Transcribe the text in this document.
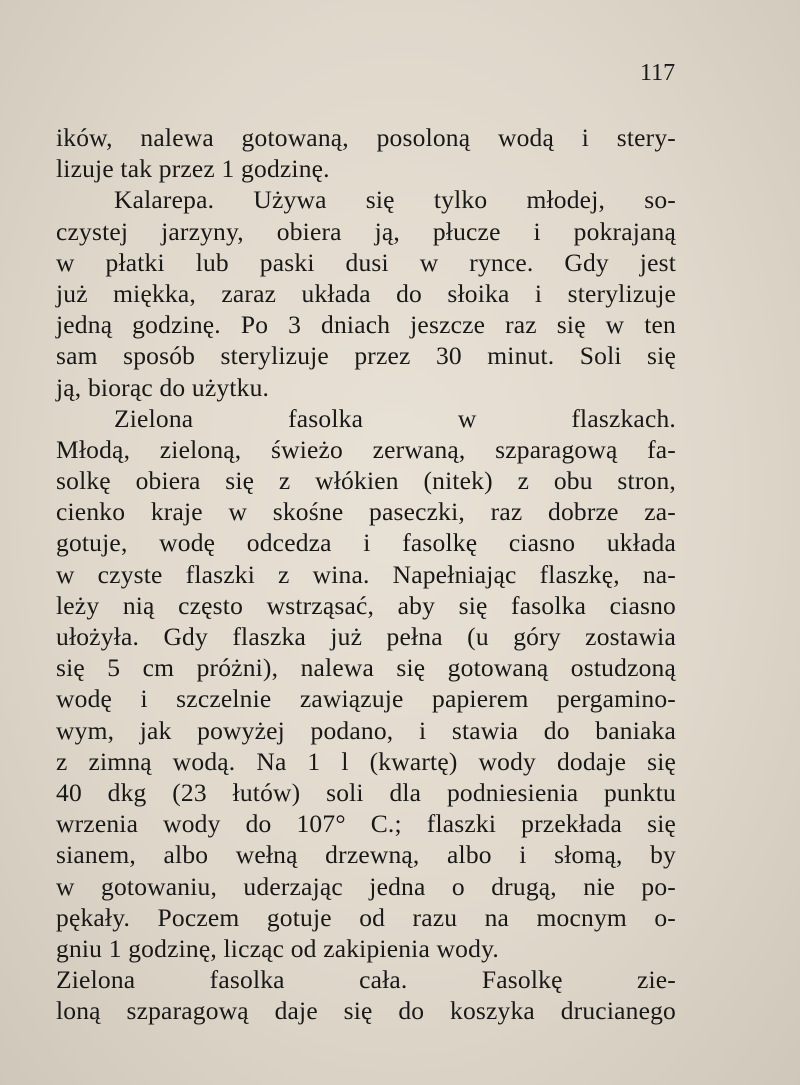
117
ików, nalewa gotowaną, posoloną wodą i stery-
lizuje tak przez 1 godzinę.
Kalarepa. Używa się tylko młodej, so-
czystej jarzyny, obiera ją, płucze i pokrajaną
w płatki lub paski dusi w rynce. Gdy jest
już miękka, zaraz układa do słoika i sterylizuje
jedną godzinę. Po 3 dniach jeszcze raz się w ten
sam sposób sterylizuje przez 30 minut. Soli się
ją, biorąc do użytku.
Zielona fasolka w flaszkach.
Młodą, zieloną, świeżo zerwaną, szparagową fa-
solkę obiera się z włókien (nitek) z obu stron,
cienko kraje w skośne paseczki, raz dobrze za-
gotuje, wodę odcedza i fasolkę ciasno układa
w czyste flaszki z wina. Napełniając flaszkę, na-
leży nią często wstrząsać, aby się fasolka ciasno
ułożyła. Gdy flaszka już pełna (u góry zostawia
się 5 cm próżni), nalewa się gotowaną ostudzoną
wodę i szczelnie zawiązuje papierem pergamino-
wym, jak powyżej podano, i stawia do baniaka
z zimną wodą. Na 1 l (kwartę) wody dodaje się
40 dkg (23 łutów) soli dla podniesienia punktu
wrzenia wody do 107° C.; flaszki przekłada się
sianem, albo wełną drzewną, albo i słomą, by
w gotowaniu, uderzając jedna o drugą, nie po-
pękały. Poczem gotuje od razu na mocnym o-
gniu 1 godzinę, licząc od zakipienia wody.
Zielona fasolka cała. Fasolkę zie-
loną szparagową daje się do koszyka drucianego
